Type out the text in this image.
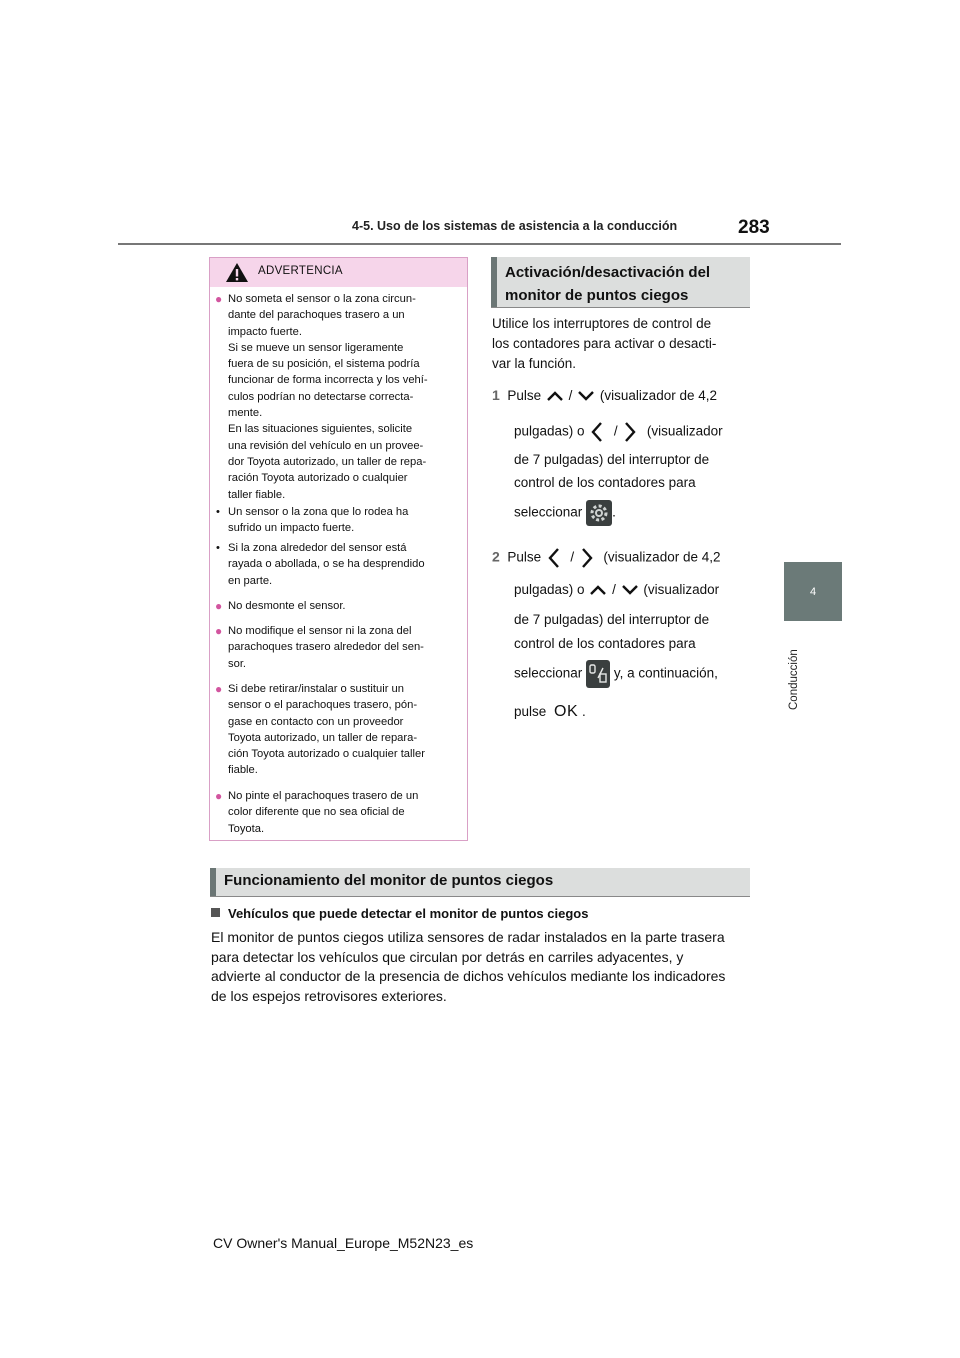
4-5. Uso de los sistemas de asistencia a la conducción	283
4
Conducción
ADVERTENCIA
● No someta el sensor o la zona circun-
dante del parachoques trasero a un
impacto fuerte.
Si se mueve un sensor ligeramente
fuera de su posición, el sistema podría
funcionar de forma incorrecta y los vehí-
culos podrían no detectarse correcta-
mente.
En las situaciones siguientes, solicite
una revisión del vehículo en un provee-
dor Toyota autorizado, un taller de repa-
ración Toyota autorizado o cualquier
taller fiable.
• Un sensor o la zona que lo rodea ha
sufrido un impacto fuerte.
• Si la zona alrededor del sensor está
rayada o abollada, o se ha desprendido
en parte.
● No desmonte el sensor.
● No modifique el sensor ni la zona del
parachoques trasero alrededor del sen-
sor.
● Si debe retirar/instalar o sustituir un
sensor o el parachoques trasero, pón-
gase en contacto con un proveedor
Toyota autorizado, un taller de repara-
ción Toyota autorizado o cualquier taller
fiable.
● No pinte el parachoques trasero de un
color diferente que no sea oficial de
Toyota.
Activación/desactivación del
monitor de puntos ciegos
Utilice los interruptores de control de
los contadores para activar o desacti-
var la función.
1 Pulse / (visualizador de 4,2
pulgadas) o / (visualizador
de 7 pulgadas) del interruptor de
control de los contadores para
seleccionar .
2 Pulse / (visualizador de 4,2
pulgadas) o / (visualizador
de 7 pulgadas) del interruptor de
control de los contadores para
seleccionar y, a continuación,
pulse OK .
Funcionamiento del monitor de puntos ciegos
Vehículos que puede detectar el monitor de puntos ciegos
El monitor de puntos ciegos utiliza sensores de radar instalados en la parte trasera
para detectar los vehículos que circulan por detrás en carriles adyacentes, y
advierte al conductor de la presencia de dichos vehículos mediante los indicadores
de los espejos retrovisores exteriores.
CV Owner's Manual_Europe_M52N23_es
